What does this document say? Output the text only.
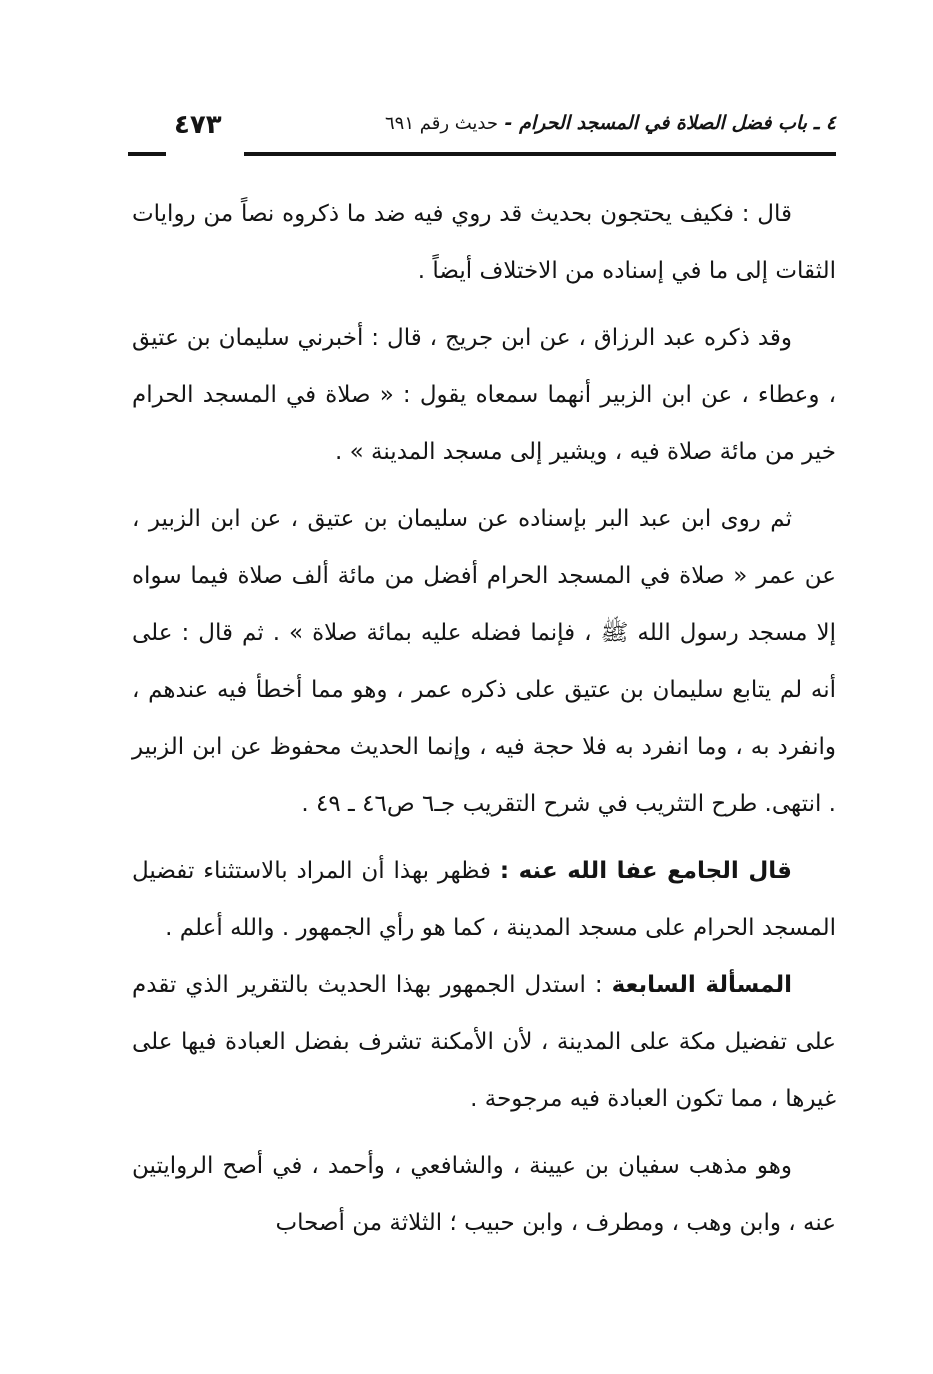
٤ ـ باب فضل الصلاة في المسجد الحرام - حديث رقم ٦٩١
٤٧٣

قال : فكيف يحتجون بحديث قد روي فيه ضد ما ذكروه نصاً من روايات الثقات إلى ما في إسناده من الاختلاف أيضاً .

وقد ذكره عبد الرزاق ، عن ابن جريج ، قال : أخبرني سليمان بن عتيق ، وعطاء ، عن ابن الزبير أنهما سمعاه يقول : « صلاة في المسجد الحرام خير من مائة صلاة فيه ، ويشير إلى مسجد المدينة » .

ثم روى ابن عبد البر بإسناده عن سليمان بن عتيق ، عن ابن الزبير ، عن عمر « صلاة في المسجد الحرام أفضل من مائة ألف صلاة فيما سواه إلا مسجد رسول الله ﷺ ، فإنما فضله عليه بمائة صلاة » . ثم قال : على أنه لم يتابع سليمان بن عتيق على ذكره عمر ، وهو مما أخطأ فيه عندهم ، وانفرد به ، وما انفرد به فلا حجة فيه ، وإنما الحديث محفوظ عن ابن الزبير . انتهى. طرح التثريب في شرح التقريب جـ٦ ص٤٦ ـ ٤٩ .

قال الجامع عفا الله عنه : فظهر بهذا أن المراد بالاستثناء تفضيل المسجد الحرام على مسجد المدينة ، كما هو رأي الجمهور . والله أعلم .

المسألة السابعة : استدل الجمهور بهذا الحديث بالتقرير الذي تقدم على تفضيل مكة على المدينة ، لأن الأمكنة تشرف بفضل العبادة فيها على غيرها ، مما تكون العبادة فيه مرجوحة .

وهو مذهب سفيان بن عيينة ، والشافعي ، وأحمد ، في أصح الروايتين عنه ، وابن وهب ، ومطرف ، وابن حبيب ؛ الثلاثة من أصحاب
